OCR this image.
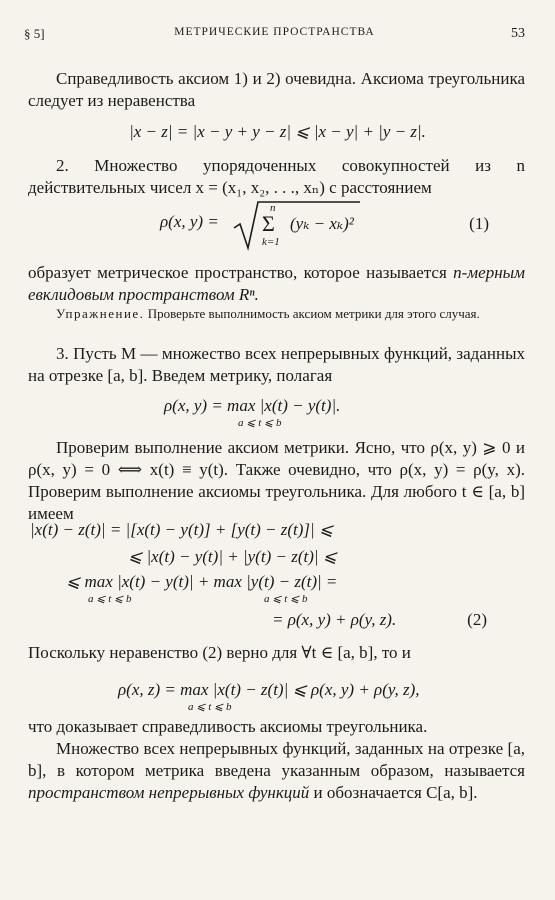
§ 5]	МЕТРИЧЕСКИЕ ПРОСТРАНСТВА	53
Справедливость аксиом 1) и 2) очевидна. Аксиома треугольника следует из неравенства
|x − z| = |x − y + y − z| ⩽ |x − y| + |y − z|.
2. Множество упорядоченных совокупностей из n действительных чисел x = (x₁, x₂, . . ., xₙ) с расстоянием
ρ(x, y) =
n
Σ
k=1
(yₖ − xₖ)²	(1)
образует метрическое пространство, которое называется n-мерным евклидовым пространством Rⁿ.
Упражнение. Проверьте выполнимость аксиом метрики для этого случая.
3. Пусть M — множество всех непрерывных функций, заданных на отрезке [a, b]. Введем метрику, полагая
ρ(x, y) = max |x(t) − y(t)|.
a ⩽ t ⩽ b
Проверим выполнение аксиом метрики. Ясно, что ρ(x, y) ⩾ 0 и ρ(x, y) = 0 ⟺ x(t) ≡ y(t). Также очевидно, что ρ(x, y) = ρ(y, x). Проверим выполнение аксиомы треугольника. Для любого t ∈ [a, b] имеем
|x(t) − z(t)| = |[x(t) − y(t)] + [y(t) − z(t)]| ⩽
⩽ |x(t) − y(t)| + |y(t) − z(t)| ⩽
⩽ max |x(t) − y(t)| + max |y(t) − z(t)| =
a ⩽ t ⩽ b	a ⩽ t ⩽ b
= ρ(x, y) + ρ(y, z).	(2)
Поскольку неравенство (2) верно для ∀t ∈ [a, b], то и
ρ(x, z) = max |x(t) − z(t)| ⩽ ρ(x, y) + ρ(y, z),
a ⩽ t ⩽ b
что доказывает справедливость аксиомы треугольника.
Множество всех непрерывных функций, заданных на отрезке [a, b], в котором метрика введена указанным образом, называется пространством непрерывных функций и обозначается C[a, b].
